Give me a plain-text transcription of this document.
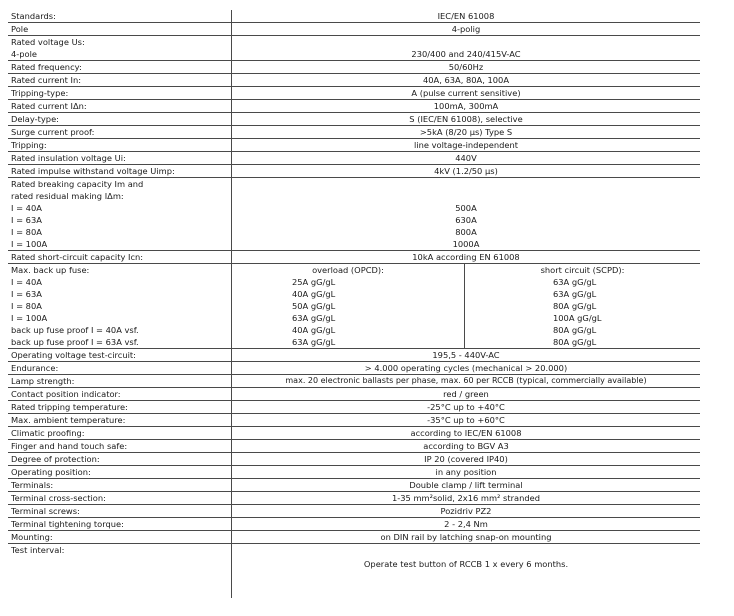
Standards:	IEC/EN 61008
Pole	4-polig
Rated voltage Us:
4-pole	230/400 and 240/415V-AC
Rated frequency:	50/60Hz
Rated current In:	40A, 63A, 80A, 100A
Tripping-type:	A (pulse current sensitive)
Rated current IΔn:	100mA, 300mA
Delay-type:	S (IEC/EN 61008), selective
Surge current proof:	>5kA (8/20 µs) Type S
Tripping:	line voltage-independent
Rated insulation voltage Ui:	440V
Rated impulse withstand voltage Uimp:	4kV (1.2/50 µs)
Rated breaking capacity Im and
rated residual making IΔm:
I = 40A	500A
I = 63A	630A
I = 80A	800A
I = 100A	1000A
Rated short-circuit capacity Icn:	10kA according EN 61008
Max. back up fuse:	overload (OPCD):	short circuit (SCPD):
I = 40A	25A gG/gL	63A gG/gL
I = 63A	40A gG/gL	63A gG/gL
I = 80A	50A gG/gL	80A gG/gL
I = 100A	63A gG/gL	100A gG/gL
back up fuse proof I = 40A vsf.	40A gG/gL	80A gG/gL
back up fuse proof I = 63A vsf.	63A gG/gL	80A gG/gL
Operating voltage test-circuit:	195,5 - 440V-AC
Endurance:	> 4.000 operating cycles (mechanical > 20.000)
Lamp strength:	max. 20 electronic ballasts per phase, max. 60 per RCCB (typical, commercially available)
Contact position indicator:	red / green
Rated tripping temperature:	-25°C up to +40°C
Max. ambient temperature:	-35°C up to +60°C
Climatic proofing:	according to IEC/EN 61008
Finger and hand touch safe:	according to BGV A3
Degree of protection:	IP 20 (covered IP40)
Operating position:	in any position
Terminals:	Double clamp / lift terminal
Terminal cross-section:	1-35 mm²solid, 2x16 mm² stranded
Terminal screws:	Pozidriv PZ2
Terminal tightening torque:	2 - 2,4 Nm
Mounting:	on DIN rail by latching snap-on mounting
Test interval:
Operate test button of RCCB 1 x every 6 months.
